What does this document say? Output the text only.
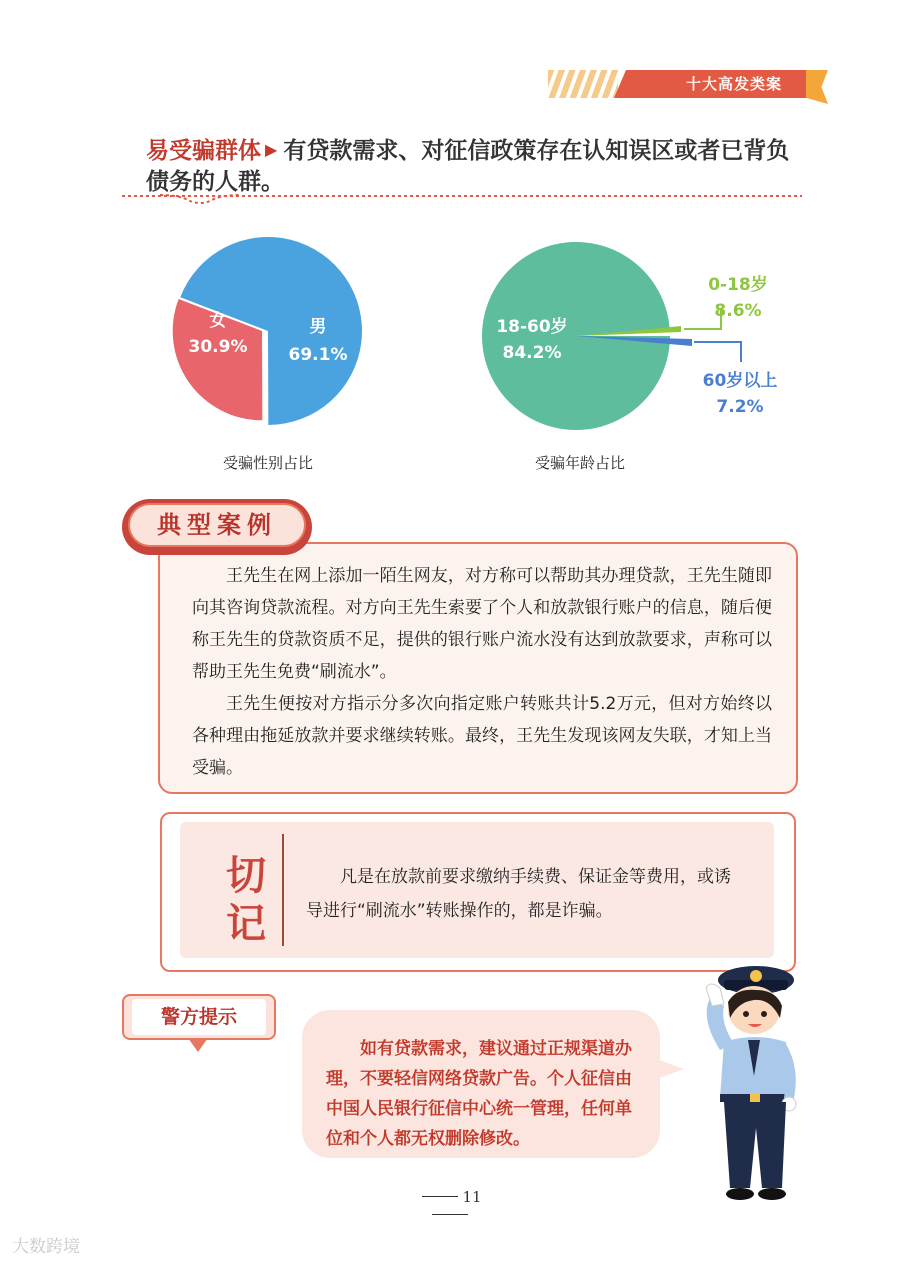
十大高发类案
易受骗群体 ▶ 有贷款需求、对征信政策存在认知误区或者已背负债务的人群。
男
69.1%
女
30.9%
18-60岁
84.2%
0-18岁
8.6%
60岁以上
7.2%
受骗性别占比	受骗年龄占比
典型案例

王先生在网上添加一陌生网友，对方称可以帮助其办理贷款，王先生随即向其咨询贷款流程。对方向王先生索要了个人和放款银行账户的信息，随后便称王先生的贷款资质不足，提供的银行账户流水没有达到放款要求，声称可以帮助王先生免费“刷流水”。

王先生便按对方指示分多次向指定账户转账共计5.2万元，但对方始终以各种理由拖延放款并要求继续转账。最终，王先生发现该网友失联，才知上当受骗。

切
记
凡是在放款前要求缴纳手续费、保证金等费用，或诱导进行“刷流水”转账操作的，都是诈骗。
警方提示
如有贷款需求，建议通过正规渠道办理，不要轻信网络贷款广告。个人征信由中国人民银行征信中心统一管理，任何单位和个人都无权删除修改。
11
大数跨境
